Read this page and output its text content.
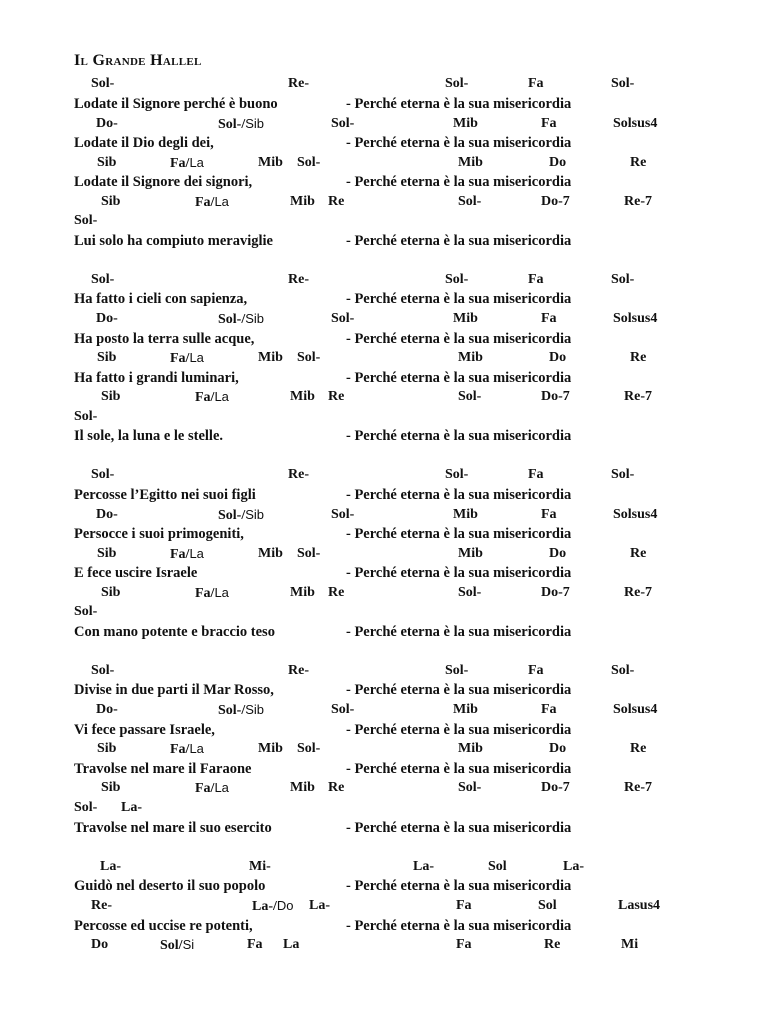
Il Grande Hallel
Sol-	Re-	Sol-	Fa	Sol-
Lodate il Signore perché è buono	- Perché eterna è la sua misericordia
Do-	Sol-/Sib	Sol-	Mib	Fa	Solsus4
Lodate il Dio degli dei,	- Perché eterna è la sua misericordia
Sib	Fa/La	Mib Sol-	Mib	Do	Re
Lodate il Signore dei signori,	- Perché eterna è la sua misericordia
Sib	Fa/La	Mib Re	Sol-	Do-7	Re-7
Sol-
Lui solo ha compiuto meraviglie	- Perché eterna è la sua misericordia
Sol-	Re-	Sol-	Fa	Sol-
Ha fatto i cieli con sapienza,	- Perché eterna è la sua misericordia
Do-	Sol-/Sib	Sol-	Mib	Fa	Solsus4
Ha posto la terra sulle acque,	- Perché eterna è la sua misericordia
Sib	Fa/La	Mib Sol-	Mib	Do	Re
Ha fatto i grandi luminari,	- Perché eterna è la sua misericordia
Sib	Fa/La	Mib Re	Sol-	Do-7	Re-7
Sol-
Il sole, la luna e le stelle.	- Perché eterna è la sua misericordia
Sol-	Re-	Sol-	Fa	Sol-
Percosse l’Egitto nei suoi figli	- Perché eterna è la sua misericordia
Do-	Sol-/Sib	Sol-	Mib	Fa	Solsus4
Persocce i suoi primogeniti,	- Perché eterna è la sua misericordia
Sib	Fa/La	Mib Sol-	Mib	Do	Re
E fece uscire Israele	- Perché eterna è la sua misericordia
Sib	Fa/La	Mib Re	Sol-	Do-7	Re-7
Sol-
Con mano potente e braccio teso	- Perché eterna è la sua misericordia
Sol-	Re-	Sol-	Fa	Sol-
Divise in due parti il Mar Rosso,	- Perché eterna è la sua misericordia
Do-	Sol-/Sib	Sol-	Mib	Fa	Solsus4
Vi fece passare Israele,	- Perché eterna è la sua misericordia
Sib	Fa/La	Mib Sol-	Mib	Do	Re
Travolse nel mare il Faraone	- Perché eterna è la sua misericordia
Sib	Fa/La	Mib Re	Sol-	Do-7	Re-7
Sol- La-
Travolse nel mare il suo esercito	- Perché eterna è la sua misericordia
La-	Mi-	La-	Sol	La-
Guidò nel deserto il suo popolo	- Perché eterna è la sua misericordia
Re-	La-/Do La-	Fa	Sol	Lasus4
Percosse ed uccise re potenti,	- Perché eterna è la sua misericordia
Do	Sol/Si	Fa La	Fa	Re	Mi
